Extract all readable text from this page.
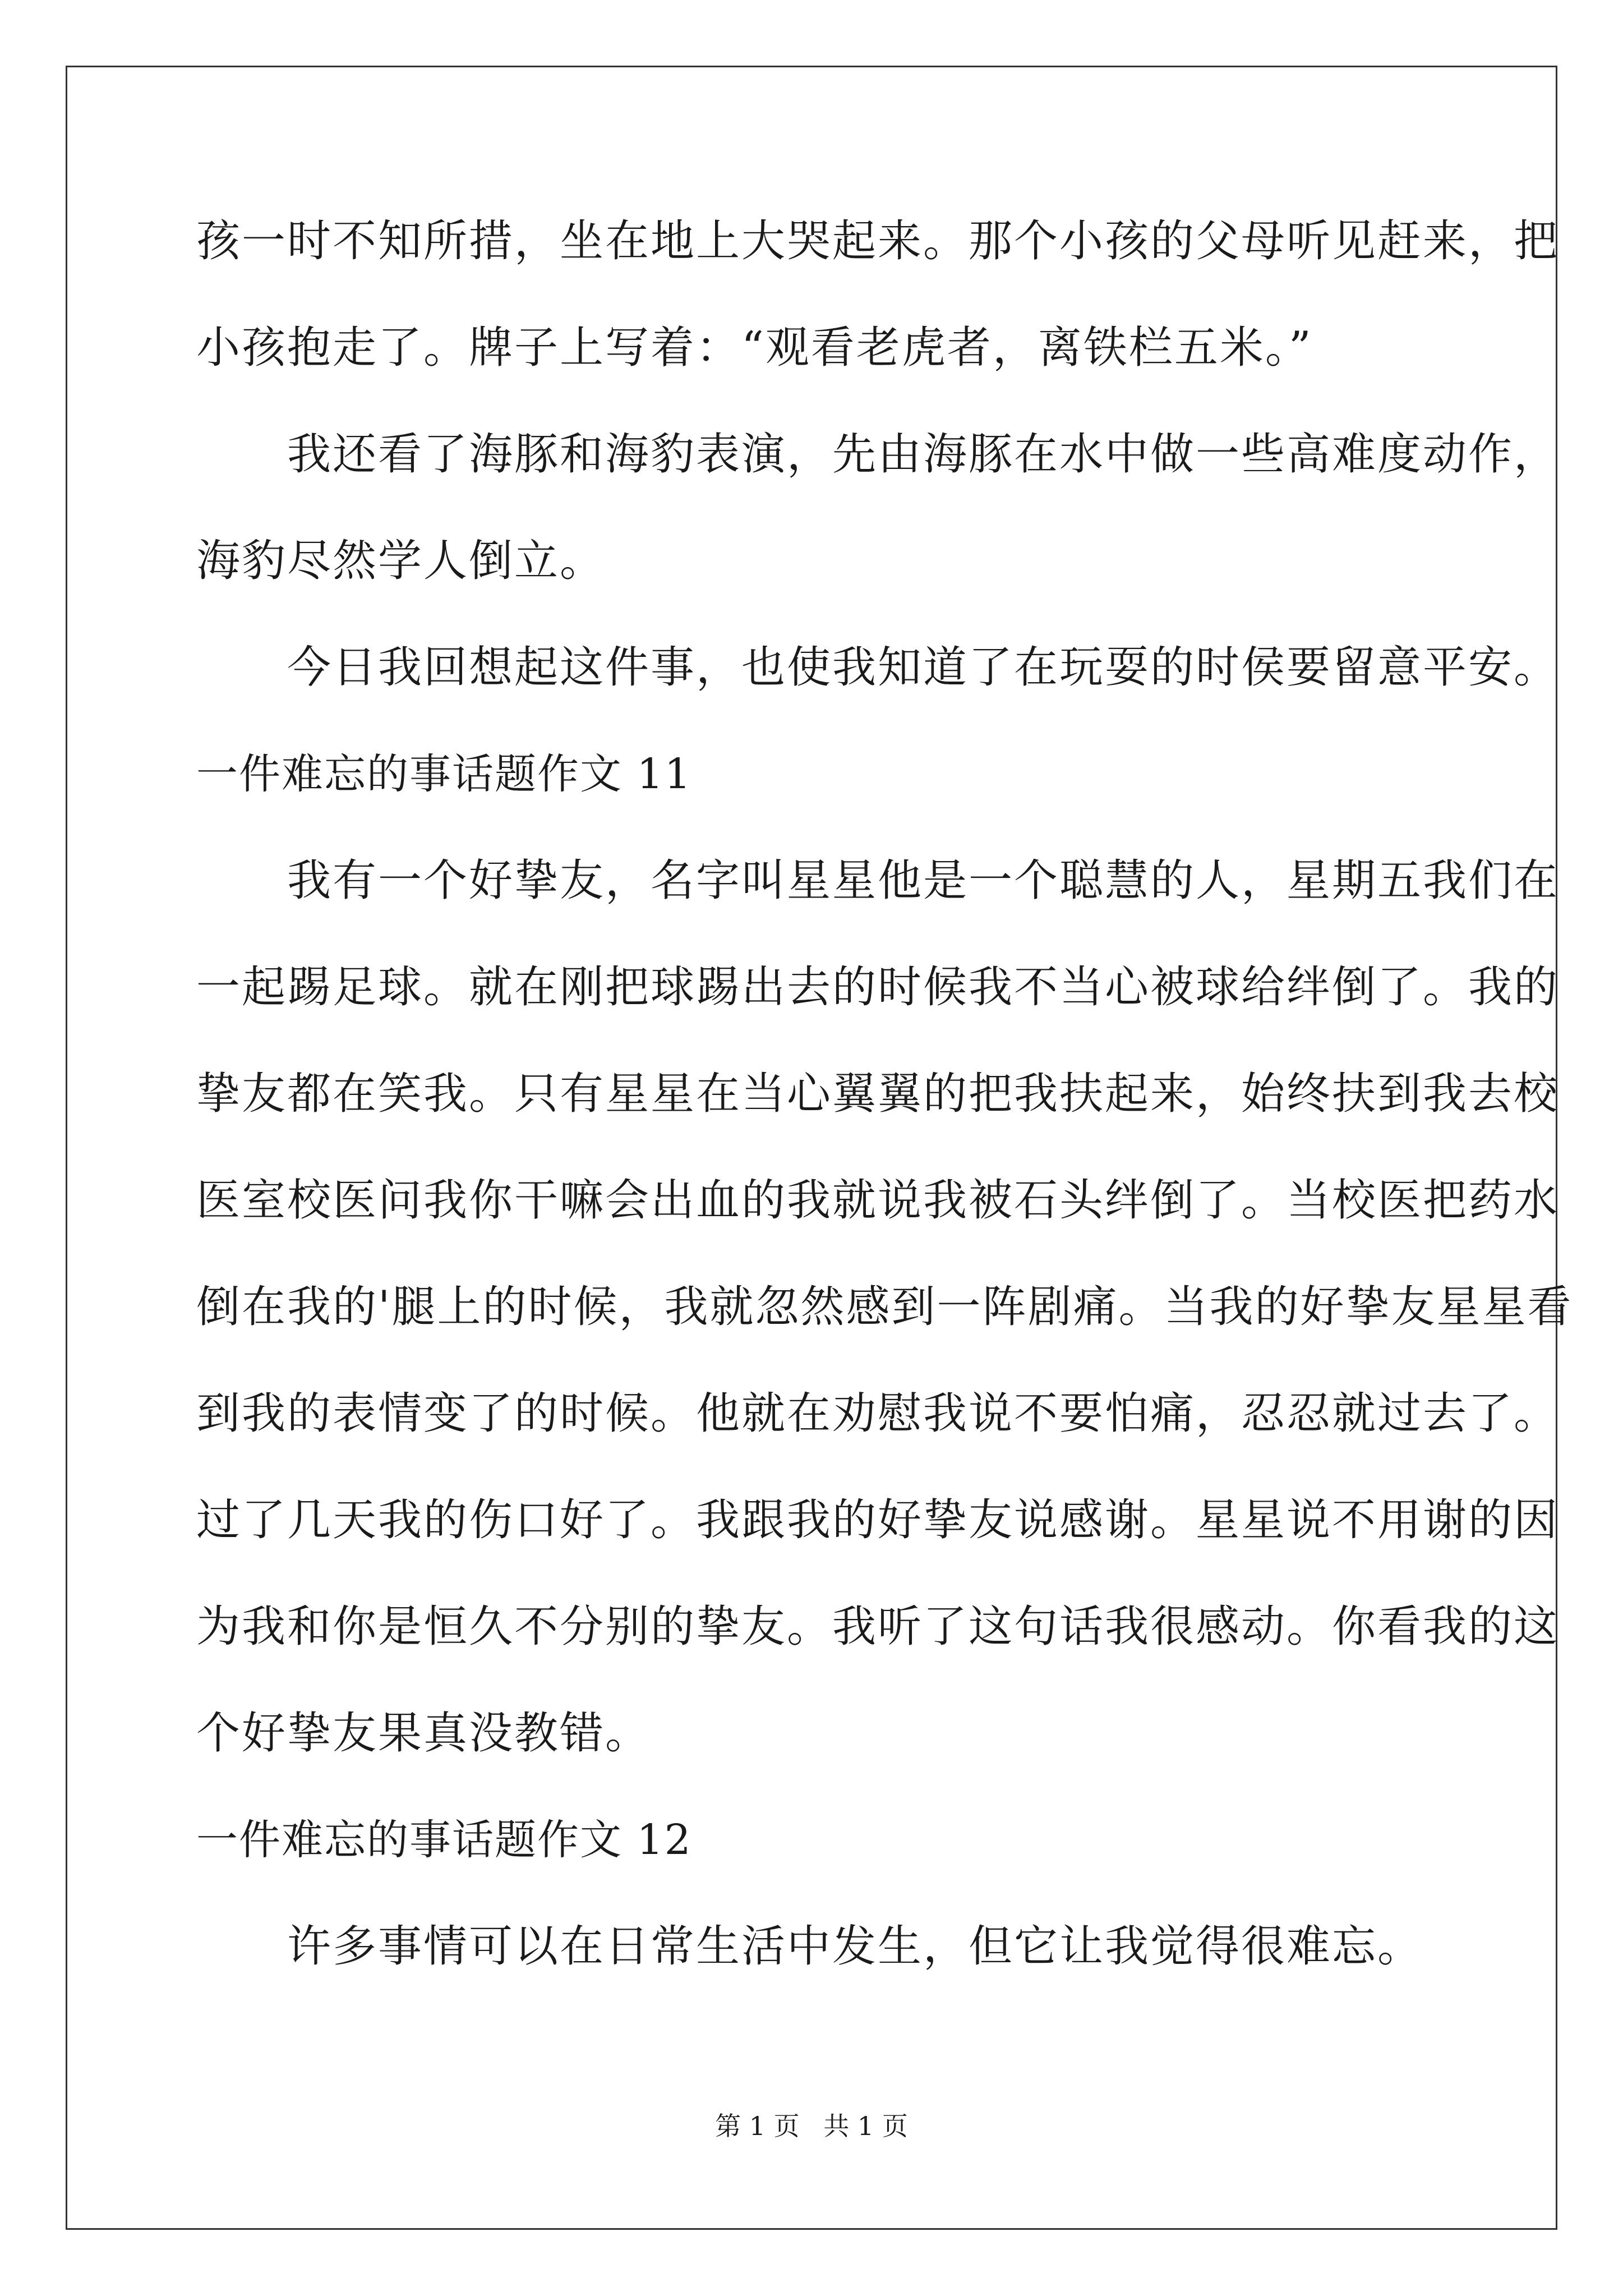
孩一时不知所措，坐在地上大哭起来。那个小孩的父母听见赶来，把
小孩抱走了。牌子上写着：“观看老虎者，离铁栏五米。”
　　我还看了海豚和海豹表演，先由海豚在水中做一些高难度动作，
海豹尽然学人倒立。
　　今日我回想起这件事，也使我知道了在玩耍的时侯要留意平安。
一件难忘的事话题作文 11
　　我有一个好挚友，名字叫星星他是一个聪慧的人，星期五我们在
一起踢足球。就在刚把球踢出去的时候我不当心被球给绊倒了。我的
挚友都在笑我。只有星星在当心翼翼的把我扶起来，始终扶到我去校
医室校医问我你干嘛会出血的我就说我被石头绊倒了。当校医把药水
倒在我的'腿上的时候，我就忽然感到一阵剧痛。当我的好挚友星星看
到我的表情变了的时候。他就在劝慰我说不要怕痛，忍忍就过去了。
过了几天我的伤口好了。我跟我的好挚友说感谢。星星说不用谢的因
为我和你是恒久不分别的挚友。我听了这句话我很感动。你看我的这
个好挚友果真没教错。
一件难忘的事话题作文 12
　　许多事情可以在日常生活中发生，但它让我觉得很难忘。
第 1 页 共 1 页
